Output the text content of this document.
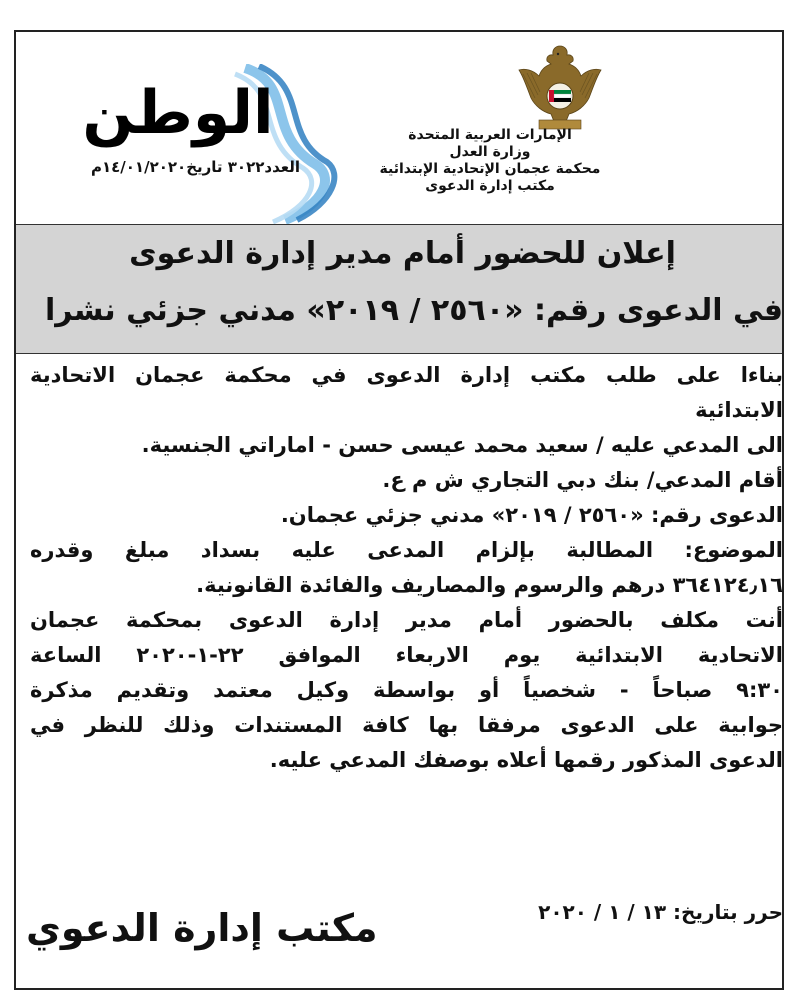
الإمارات العربية المتحدة
وزارة العدل
محكمة عجمان الإتحادية الإبتدائية
مكتب إدارة الدعوى
الوطن
العدد٣٠٢٢ تاريخ١٤/٠١/٢٠٢٠م
إعلان للحضور أمام مدير إدارة الدعوى
في الدعوى رقم: «٢٥٦٠ / ٢٠١٩» مدني جزئي نشرا
بناءا على طلب مكتب إدارة الدعوى في محكمة عجمان الاتحادية
الابتدائية
الى المدعي عليه / سعيد محمد عيسى حسن - اماراتي الجنسية.
أقام المدعي/ بنك دبي التجاري ش م ع.
الدعوى رقم: «٢٥٦٠ / ٢٠١٩» مدني جزئي عجمان.
الموضوع: المطالبة بإلزام المدعى عليه بسداد مبلغ وقدره
٣٦٤١٢٤٫١٦ درهم والرسوم والمصاريف والفائدة القانونية.
أنت مكلف بالحضور أمام مدير إدارة الدعوى بمحكمة عجمان
الاتحادية الابتدائية يوم الاربعاء الموافق ٢٢-١-٢٠٢٠ الساعة
٩:٣٠ صباحاً - شخصياً أو بواسطة وكيل معتمد وتقديم مذكرة
جوابية على الدعوى مرفقا بها كافة المستندات وذلك للنظر في
الدعوى المذكور رقمها أعلاه بوصفك المدعي عليه.
حرر بتاريخ: ١٣ / ١ / ٢٠٢٠
مكتب إدارة الدعوي
